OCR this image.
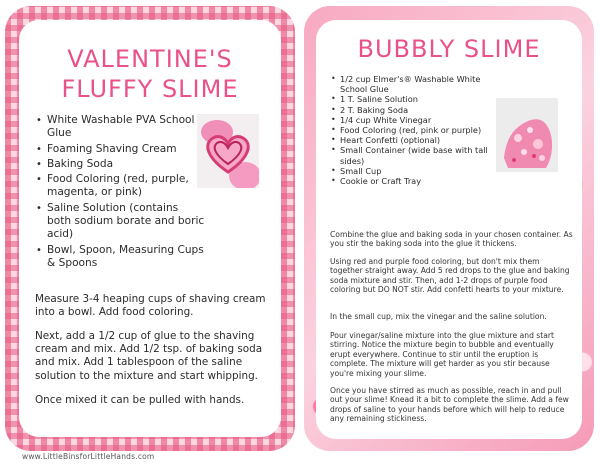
VALENTINE'S
FLUFFY SLIME
• White Washable PVA School Glue
• Foaming Shaving Cream
• Baking Soda
• Food Coloring (red, purple, magenta, or pink)
• Saline Solution (contains both sodium borate and boric acid)
• Bowl, Spoon, Measuring Cups & Spoons

Measure 3-4 heaping cups of shaving cream into a bowl. Add food coloring.

Next, add a 1/2 cup of glue to the shaving cream and mix. Add 1/2 tsp. of baking soda and mix. Add 1 tablespoon of the saline solution to the mixture and start whipping.

Once mixed it can be pulled with hands.

BUBBLY SLIME
• 1/2 cup Elmer's® Washable White School Glue
• 1 T. Saline Solution
• 2 T. Baking Soda
• 1/4 cup White Vinegar
• Food Coloring (red, pink or purple)
• Heart Confetti (optional)
• Small Container (wide base with tall sides)
• Small Cup
• Cookie or Craft Tray

Combine the glue and baking soda in your chosen container. As you stir the baking soda into the glue it thickens.

Using red and purple food coloring, but don't mix them together straight away. Add 5 red drops to the glue and baking soda mixture and stir. Then, add 1-2 drops of purple food coloring but DO NOT stir. Add confetti hearts to your mixture.

In the small cup, mix the vinegar and the saline solution.

Pour vinegar/saline mixture into the glue mixture and start stirring. Notice the mixture begin to bubble and eventually erupt everywhere. Continue to stir until the eruption is complete. The mixture will get harder as you stir because you're mixing your slime.

Once you have stirred as much as possible, reach in and pull out your slime! Knead it a bit to complete the slime. Add a few drops of saline to your hands before which will help to reduce any remaining stickiness.

www.LittleBinsforLittleHands.com
